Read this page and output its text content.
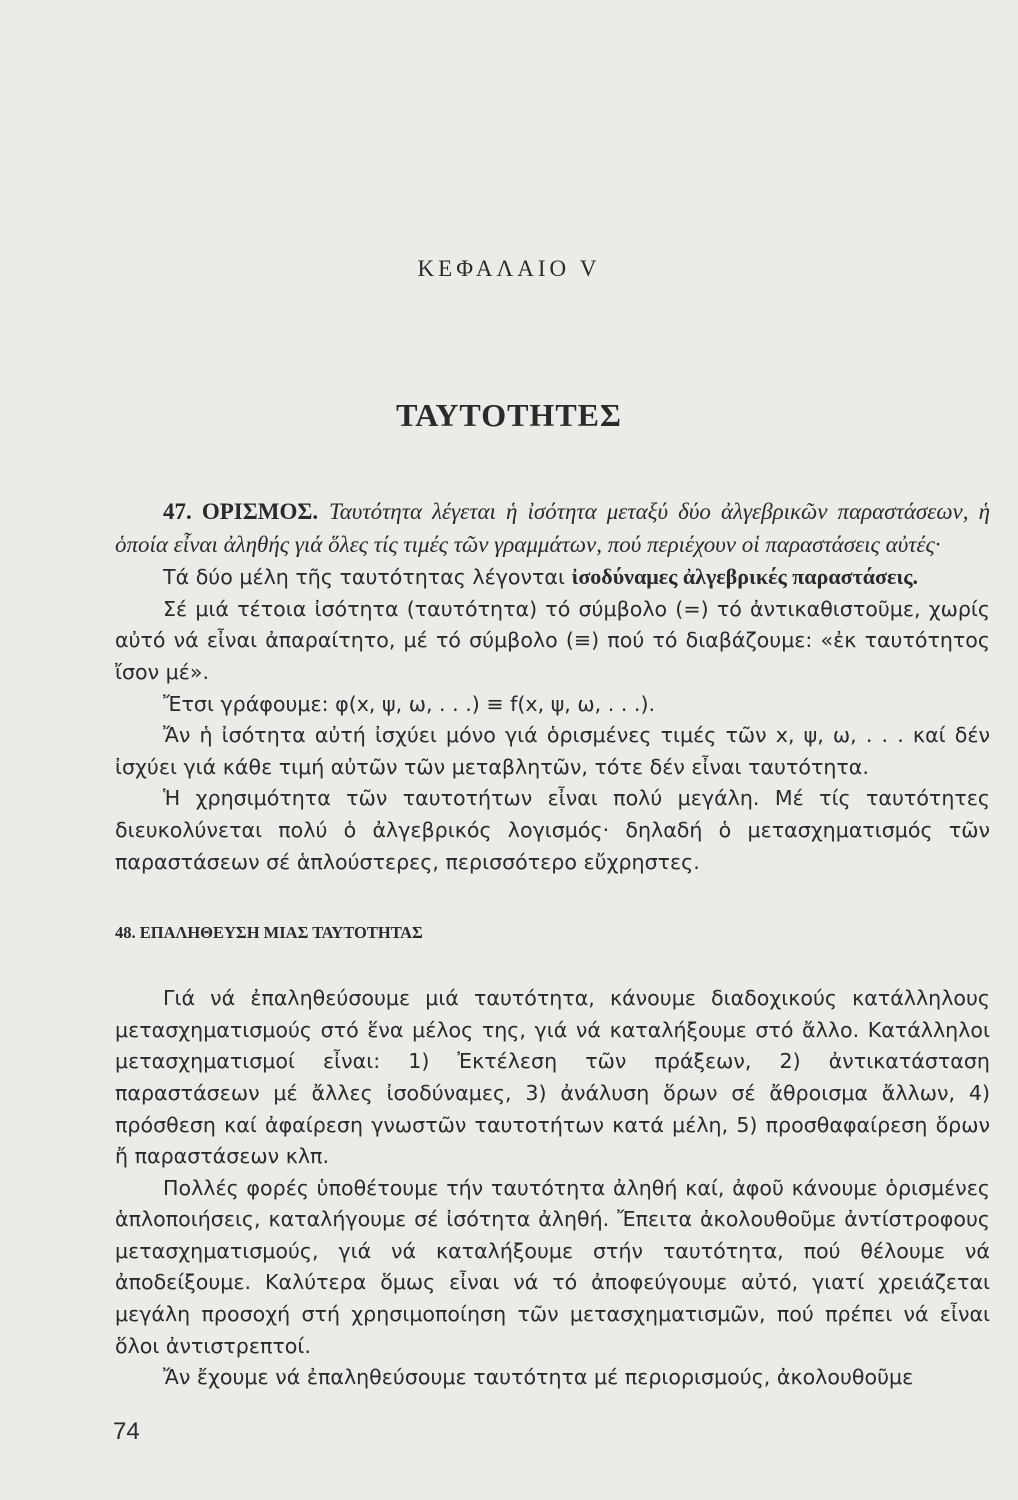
ΚΕΦΑΛΑΙΟ V
ΤΑΥΤΟΤΗΤΕΣ

47. ΟΡΙΣΜΟΣ. Ταυτότητα λέγεται ἡ ἰσότητα μεταξύ δύο ἀλγεβρικῶν παραστάσεων, ἡ ὁποία εἶναι ἀληθής γιά ὅλες τίς τιμές τῶν γραμμάτων, πού περιέχουν οἱ παραστάσεις αὐτές·

Τά δύο μέλη τῆς ταυτότητας λέγονται ἰσοδύναμες ἀλγεβρικές παραστάσεις.

Σέ μιά τέτοια ἰσότητα (ταυτότητα) τό σύμβολο (=) τό ἀντικαθιστοῦμε, χωρίς αὐτό νά εἶναι ἀπαραίτητο, μέ τό σύμβολο (≡) πού τό διαβάζουμε: «ἐκ ταυτότητος ἴσον μέ».

Ἔτσι γράφουμε: φ(x, ψ, ω, . . .) ≡ f(x, ψ, ω, . . .).

Ἄν ἡ ἰσότητα αὐτή ἰσχύει μόνο γιά ὁρισμένες τιμές τῶν x, ψ, ω, . . . καί δέν ἰσχύει γιά κάθε τιμή αὐτῶν τῶν μεταβλητῶν, τότε δέν εἶναι ταυτότητα.

Ἡ χρησιμότητα τῶν ταυτοτήτων εἶναι πολύ μεγάλη. Μέ τίς ταυτότητες διευκολύνεται πολύ ὁ ἀλγεβρικός λογισμός· δηλαδή ὁ μετασχηματισμός τῶν παραστάσεων σέ ἁπλούστερες, περισσότερο εὔχρηστες.

48. ΕΠΑΛΗΘΕΥΣΗ ΜΙΑΣ ΤΑΥΤΟΤΗΤΑΣ

Γιά νά ἐπαληθεύσουμε μιά ταυτότητα, κάνουμε διαδοχικούς κατάλληλους μετασχηματισμούς στό ἕνα μέλος της, γιά νά καταλήξουμε στό ἄλλο. Κατάλληλοι μετασχηματισμοί εἶναι: 1) Ἐκτέλεση τῶν πράξεων, 2) ἀντικατάσταση παραστάσεων μέ ἄλλες ἰσοδύναμες, 3) ἀνάλυση ὅρων σέ ἄθροισμα ἄλλων, 4) πρόσθεση καί ἀφαίρεση γνωστῶν ταυτοτήτων κατά μέλη, 5) προσθαφαίρεση ὅρων ἤ παραστάσεων κλπ.

Πολλές φορές ὑποθέτουμε τήν ταυτότητα ἀληθή καί, ἀφοῦ κάνουμε ὁρισμένες ἁπλοποιήσεις, καταλήγουμε σέ ἰσότητα ἀληθή. Ἔπειτα ἀκολουθοῦμε ἀντίστροφους μετασχηματισμούς, γιά νά καταλήξουμε στήν ταυτότητα, πού θέλουμε νά ἀποδείξουμε. Καλύτερα ὅμως εἶναι νά τό ἀποφεύγουμε αὐτό, γιατί χρειάζεται μεγάλη προσοχή στή χρησιμοποίηση τῶν μετασχηματισμῶν, πού πρέπει νά εἶναι ὅλοι ἀντιστρεπτοί.

Ἄν ἔχουμε νά ἐπαληθεύσουμε ταυτότητα μέ περιορισμούς, ἀκολουθοῦμε

74
